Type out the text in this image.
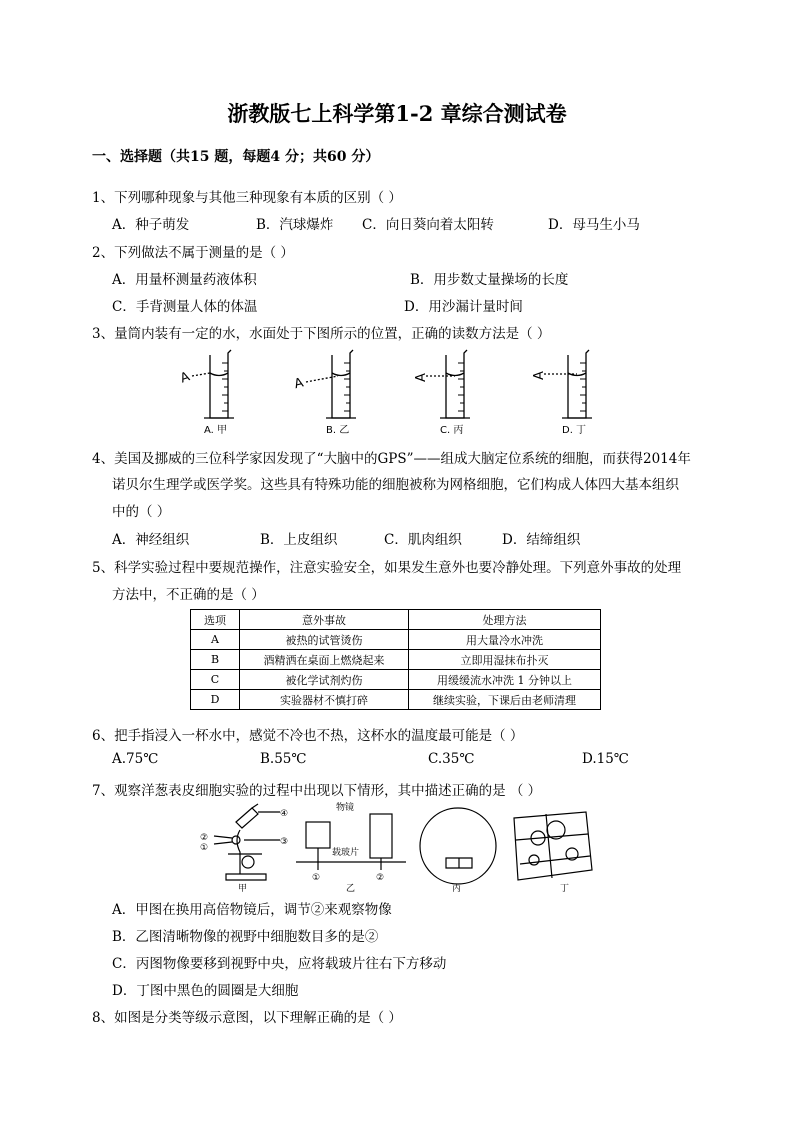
浙教版七上科学第1-2 章综合测试卷
一、选择题（共15 题，每题4 分；共60 分）
1、下列哪种现象与其他三种现象有本质的区别（ ）
A．种子萌发	B．汽球爆炸 C．向日葵向着太阳转	D．母马生小马
2、下列做法不属于测量的是（ ）
A．用量杯测量药液体积	B．用步数丈量操场的长度
C．手背测量人体的体温	D．用沙漏计量时间
3、量筒内装有一定的水，水面处于下图所示的位置，正确的读数方法是（ ）
A	A	A	A
A. 甲	B. 乙	C. 丙	D. 丁
4、美国及挪威的三位科学家因发现了“大脑中的GPS”——组成大脑定位系统的细胞，而获得2014年
诺贝尔生理学或医学奖。这些具有特殊功能的细胞被称为网格细胞，它们构成人体四大基本组织
中的（ ）
A．神经组织	B．上皮组织	C．肌肉组织	D．结缔组织
5、科学实验过程中要规范操作，注意实验安全，如果发生意外也要冷静处理。下列意外事故的处理
方法中，不正确的是（ ）
选项	意外事故	处理方法
A	被热的试管烫伤	用大量冷水冲洗
B	酒精洒在桌面上燃烧起来	立即用湿抹布扑灭
C	被化学试剂灼伤	用缓缓流水冲洗 1 分钟以上
D	实验器材不慎打碎	继续实验，下课后由老师清理
6、把手指浸入一杯水中，感觉不冷也不热，这杯水的温度最可能是（ ）
A.75℃	B.55℃	C.35℃	D.15℃
7、观察洋葱表皮细胞实验的过程中出现以下情形，其中描述正确的是 （ ）
②
①
③
④
甲
物镜
载玻片
①	②
乙	丙	丁
A．甲图在换用高倍物镜后，调节②来观察物像
B．乙图清晰物像的视野中细胞数目多的是②
C．丙图物像要移到视野中央，应将载玻片往右下方移动
D．丁图中黑色的圆圈是大细胞
8、如图是分类等级示意图，以下理解正确的是（ ）
